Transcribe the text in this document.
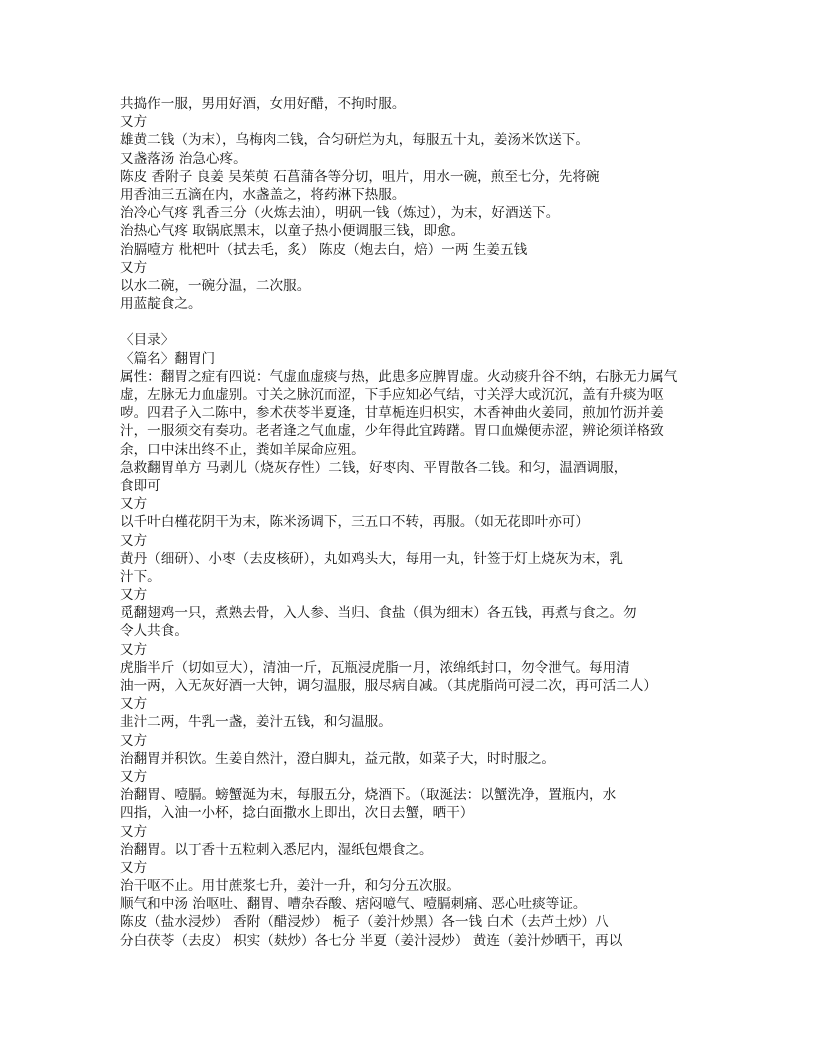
共捣作一服，男用好酒，女用好醋，不拘时服。
又方
雄黄二钱（为末），乌梅肉二钱，合匀研烂为丸，每服五十丸，姜汤米饮送下。
又盏落汤 治急心疼。
陈皮 香附子 良姜 吴茱萸 石菖蒲各等分切，咀片，用水一碗，煎至七分，先将碗
用香油三五滴在内，水盏盖之，将药淋下热服。
治冷心气疼 乳香三分（火炼去油），明矾一钱（炼过），为末，好酒送下。
治热心气疼 取锅底黑末，以童子热小便调服三钱，即愈。
治膈噎方 枇杷叶（拭去毛，炙） 陈皮（炮去白，焙）一两 生姜五钱
又方
以水二碗，一碗分温，二次服。
用蓝靛食之。
〈目录〉
〈篇名〉翻胃门
属性：翻胃之症有四说：气虚血虚痰与热，此患多应脾胃虚。火动痰升谷不纳，右脉无力属气
虚，左脉无力血虚别。寸关之脉沉而涩，下手应知必气结，寸关浮大或沉沉，盖有升痰为呕
哕。四君子入二陈中，参术茯苓半夏逢，甘草栀连归枳实，木香神曲火姜同，煎加竹沥并姜
汁，一服须交有奏功。老者逢之气血虚，少年得此宜踌躇。胃口血燥便赤涩，辨论须详格致
余，口中沫出终不止，粪如羊屎命应殂。
急救翻胃单方 马剥儿（烧灰存性）二钱，好枣肉、平胃散各二钱。和匀，温酒调服，
食即可
又方
以千叶白槿花阴干为末，陈米汤调下，三五口不转，再服。（如无花即叶亦可）
又方
黄丹（细研）、小枣（去皮核研），丸如鸡头大，每用一丸，针签于灯上烧灰为末，乳
汁下。
又方
觅翻翅鸡一只，煮熟去骨，入人参、当归、食盐（俱为细末）各五钱，再煮与食之。勿
令人共食。
又方
虎脂半斤（切如豆大），清油一斤，瓦瓶浸虎脂一月，浓绵纸封口，勿令泄气。每用清
油一两，入无灰好酒一大钟，调匀温服，服尽病自减。（其虎脂尚可浸二次，再可活二人）
又方
韭汁二两，牛乳一盏，姜汁五钱，和匀温服。
又方
治翻胃并积饮。生姜自然汁，澄白脚丸，益元散，如菜子大，时时服之。
又方
治翻胃、噎膈。螃蟹涎为末，每服五分，烧酒下。（取涎法：以蟹洗净，置瓶内，水
四指，入油一小杯，捻白面撒水上即出，次日去蟹，晒干）
又方
治翻胃。以丁香十五粒刺入悉尼内，湿纸包煨食之。
又方
治干呕不止。用甘蔗浆七升，姜汁一升，和匀分五次服。
顺气和中汤 治呕吐、翻胃、嘈杂吞酸、痞闷噫气、噎膈刺痛、恶心吐痰等证。
陈皮（盐水浸炒） 香附（醋浸炒） 栀子（姜汁炒黑）各一钱 白术（去芦土炒）八
分白茯苓（去皮） 枳实（麸炒）各七分 半夏（姜汁浸炒） 黄连（姜汁炒晒干，再以
